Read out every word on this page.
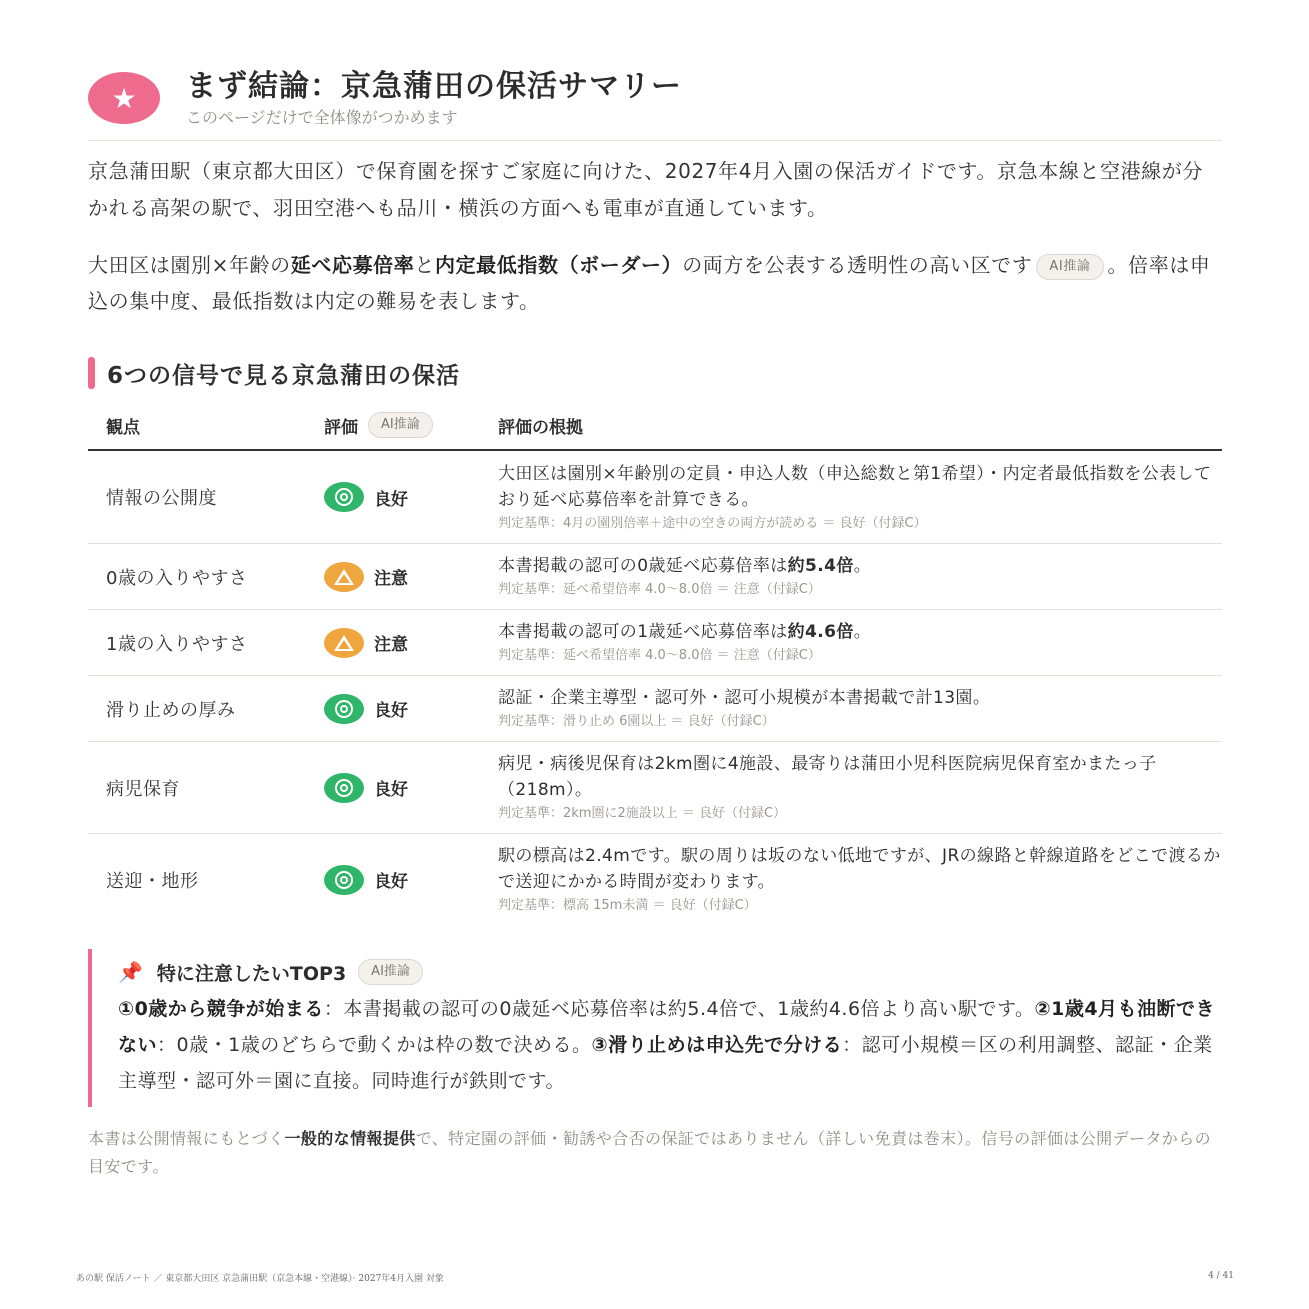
★	まず結論：京急蒲田の保活サマリー
このページだけで全体像がつかめます
京急蒲田駅（東京都大田区）で保育園を探すご家庭に向けた、2027年4月入園の保活ガイドです。京急本線と空港線が分かれる高架の駅で、羽田空港へも品川・横浜の方面へも電車が直通しています。
大田区は園別×年齢の延べ応募倍率と内定最低指数（ボーダー）の両方を公表する透明性の高い区です AI推論 。倍率は申込の集中度、最低指数は内定の難易を表します。
6つの信号で見る京急蒲田の保活
観点	評価	AI推論	評価の根拠
情報の公開度	良好
大田区は園別×年齢別の定員・申込人数（申込総数と第1希望）・内定者最低指数を公表しており延べ応募倍率を計算できる。
判定基準：4月の園別倍率＋途中の空きの両方が読める ＝ 良好（付録C）
0歳の入りやすさ	注意
本書掲載の認可の0歳延べ応募倍率は約5.4倍。
判定基準：延べ希望倍率 4.0〜8.0倍 ＝ 注意（付録C）
1歳の入りやすさ	注意
本書掲載の認可の1歳延べ応募倍率は約4.6倍。
判定基準：延べ希望倍率 4.0〜8.0倍 ＝ 注意（付録C）
滑り止めの厚み	良好
認証・企業主導型・認可外・認可小規模が本書掲載で計13園。
判定基準：滑り止め 6園以上 ＝ 良好（付録C）
病児保育	良好
病児・病後児保育は2km圏に4施設、最寄りは蒲田小児科医院病児保育室かまたっ子（218m）。
判定基準：2km圏に2施設以上 ＝ 良好（付録C）
送迎・地形	良好
駅の標高は2.4mです。駅の周りは坂のない低地ですが、JRの線路と幹線道路をどこで渡るかで送迎にかかる時間が変わります。
判定基準：標高 15m未満 ＝ 良好（付録C）
📌 特に注意したいTOP3	AI推論
①0歳から競争が始まる：本書掲載の認可の0歳延べ応募倍率は約5.4倍で、1歳約4.6倍より高い駅です。②1歳4月も油断できない：0歳・1歳のどちらで動くかは枠の数で決める。③滑り止めは申込先で分ける：認可小規模＝区の利用調整、認証・企業主導型・認可外＝園に直接。同時進行が鉄則です。
本書は公開情報にもとづく一般的な情報提供で、特定園の評価・勧誘や合否の保証ではありません（詳しい免責は巻末）。信号の評価は公開データからの目安です。
あの駅 保活ノート ／ 東京都大田区 京急蒲田駅（京急本線・空港線）· 2027年4月入園 対象	4 / 41
